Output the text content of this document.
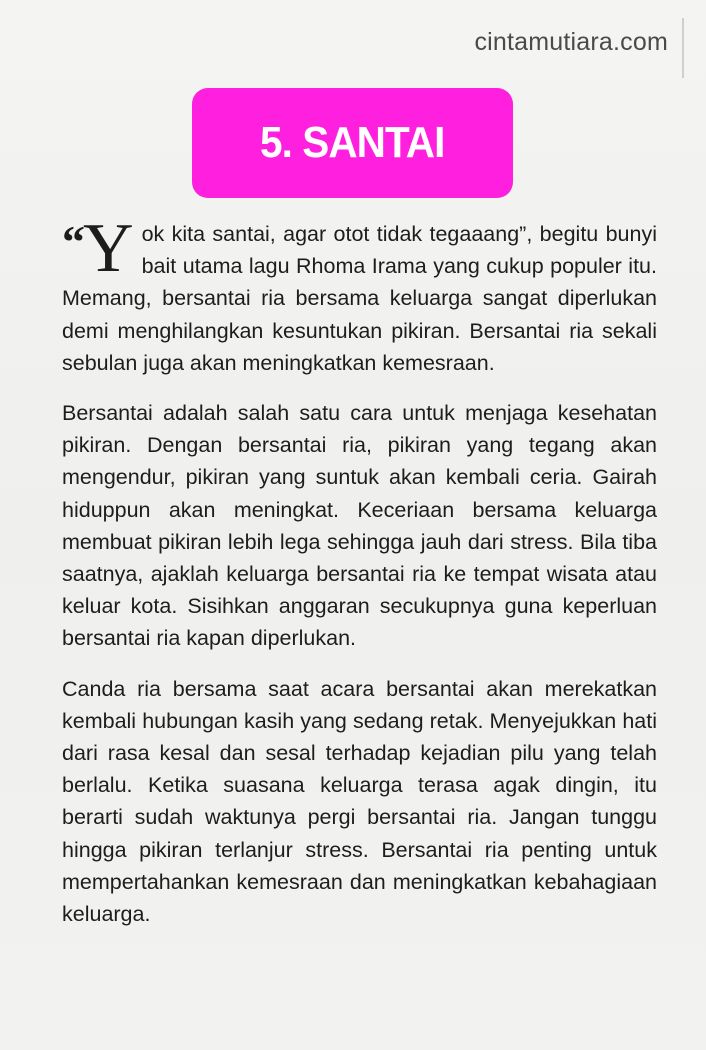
cintamutiara.com
5. SANTAI

“
Y ok kita santai, agar otot tidak tegaaang”, begitu bunyi bait utama lagu Rhoma Irama yang cukup populer itu. Memang, bersantai ria bersama keluarga sangat diperlukan demi menghilangkan kesuntukan pikiran. Bersantai ria sekali sebulan juga akan meningkatkan kemesraan.

Bersantai adalah salah satu cara untuk menjaga kesehatan pikiran. Dengan bersantai ria, pikiran yang tegang akan mengendur, pikiran yang suntuk akan kembali ceria. Gairah hiduppun akan meningkat. Keceriaan bersama keluarga membuat pikiran lebih lega sehingga jauh dari stress. Bila tiba saatnya, ajaklah keluarga bersantai ria ke tempat wisata atau keluar kota. Sisihkan anggaran secukupnya guna keperluan bersantai ria kapan diperlukan.

Canda ria bersama saat acara bersantai akan merekatkan kembali hubungan kasih yang sedang retak. Menyejukkan hati dari rasa kesal dan sesal terhadap kejadian pilu yang telah berlalu. Ketika suasana keluarga terasa agak dingin, itu berarti sudah waktunya pergi bersantai ria. Jangan tunggu hingga pikiran terlanjur stress. Bersantai ria penting untuk mempertahankan kemesraan dan meningkatkan kebahagiaan keluarga.
